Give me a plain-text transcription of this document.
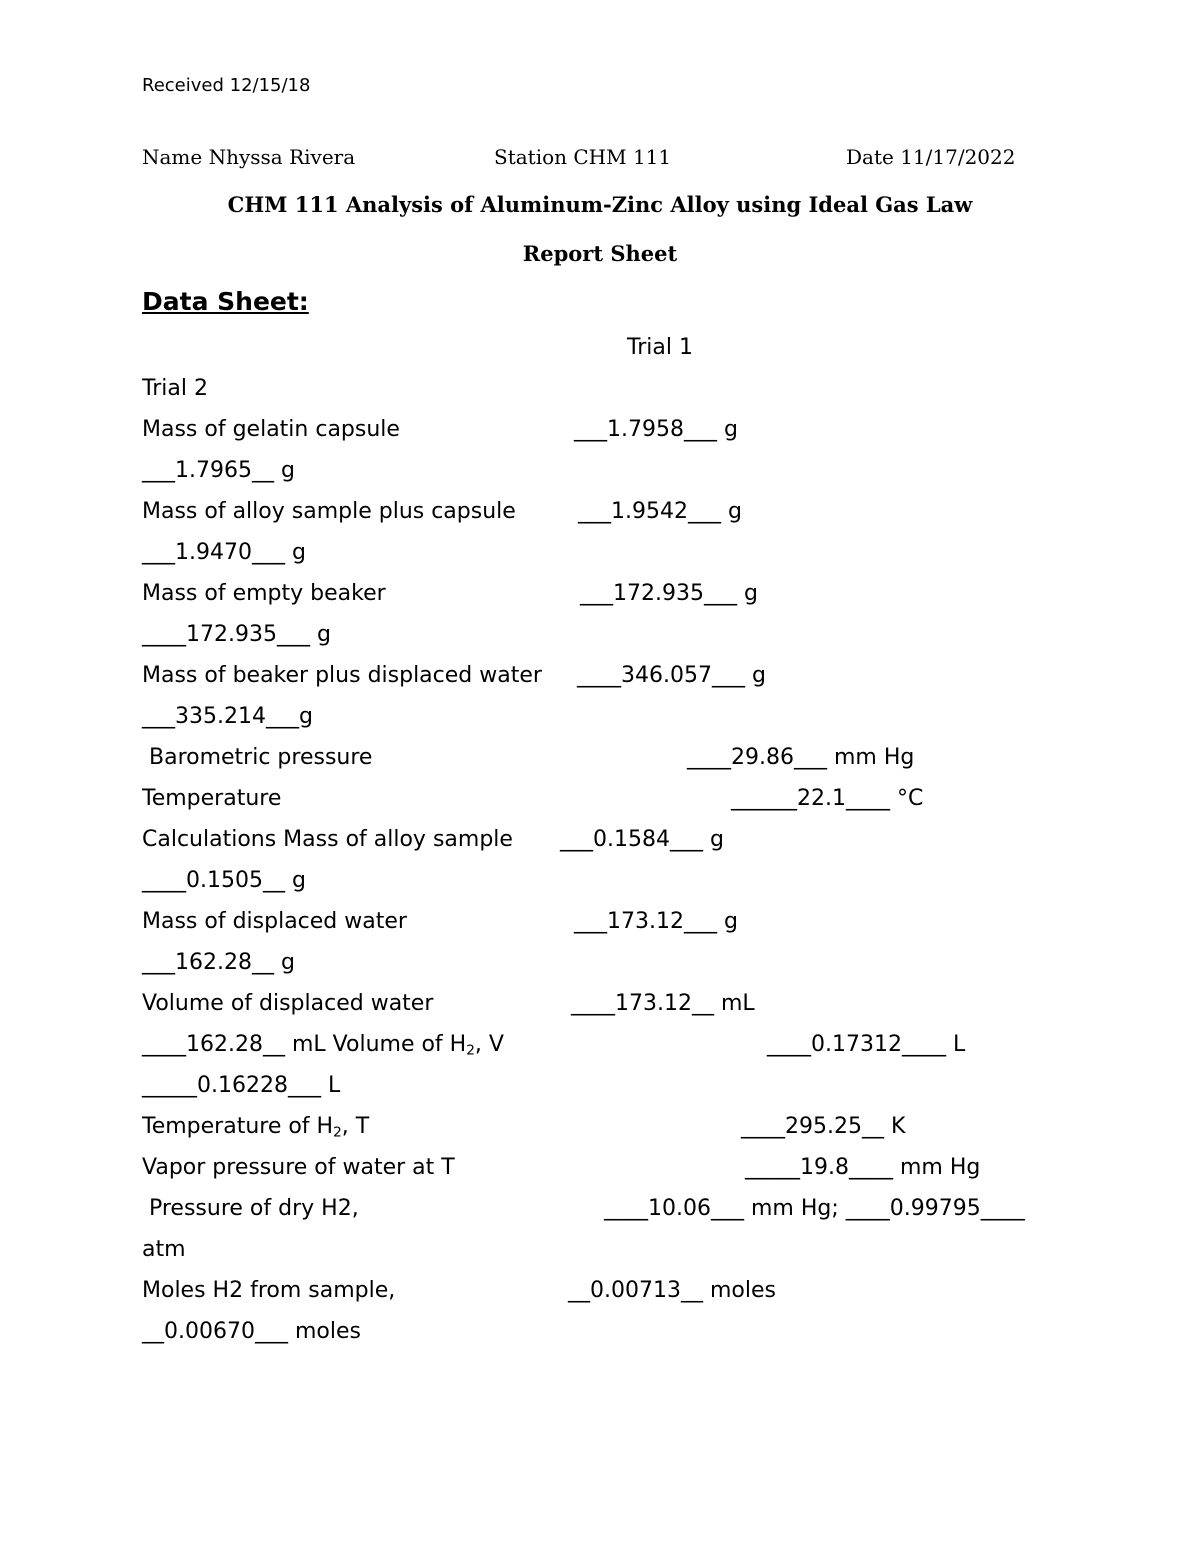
Received 12/15/18
Name Nhyssa Rivera	Station CHM 111	Date 11/17/2022
CHM 111 Analysis of Aluminum-Zinc Alloy using Ideal Gas Law
Report Sheet
Data Sheet:
Trial 1
Trial 2
Mass of gelatin capsule	___1.7958___ g
___1.7965__ g
Mass of alloy sample plus capsule	___1.9542___ g
___1.9470___ g
Mass of empty beaker	___172.935___ g
____172.935___ g
Mass of beaker plus displaced water ____346.057___ g
___335.214___g
Barometric pressure	____29.86___ mm Hg
Temperature	______22.1____ °C
Calculations Mass of alloy sample ___0.1584___ g
____0.1505__ g
Mass of displaced water	___173.12___ g
___162.28__ g
Volume of displaced water	____173.12__ mL
____162.28__ mL Volume of $H_2$, V	____0.17312____ L
_____0.16228___ L
Temperature of $H_2$, T	____295.25__ K
Vapor pressure of water at T	_____19.8____ mm Hg
Pressure of dry H2,	____10.06___ mm Hg; ____0.99795____
atm
Moles H2 from sample,	__0.00713__ moles
__0.00670___ moles
